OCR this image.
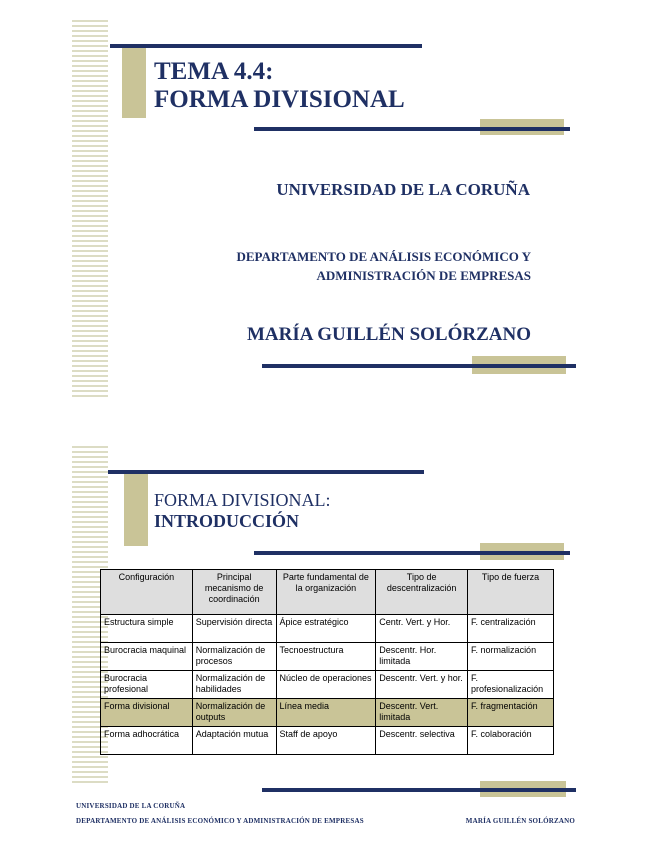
TEMA 4.4:
FORMA DIVISIONAL
UNIVERSIDAD DE LA CORUÑA
DEPARTAMENTO DE ANÁLISIS ECONÓMICO Y
ADMINISTRACIÓN DE EMPRESAS
MARÍA GUILLÉN SOLÓRZANO
FORMA DIVISIONAL:
INTRODUCCIÓN
Configuración	Principal mecanismo de coordinación	Parte fundamental de la organización	Tipo de descentralización	Tipo de fuerza
Estructura simple	Supervisión directa	Ápice estratégico	Centr. Vert. y Hor.	F. centralización
Burocracia maquinal	Normalización de procesos	Tecnoestructura	Descentr. Hor. limitada	F. normalización
Burocracia profesional	Normalización de habilidades	Núcleo de operaciones	Descentr. Vert. y hor.	F. profesionalización
Forma divisional	Normalización de outputs	Línea media	Descentr. Vert. limitada	F. fragmentación
Forma adhocrática	Adaptación mutua	Staff de apoyo	Descentr. selectiva	F. colaboración
UNIVERSIDAD DE LA CORUÑA
DEPARTAMENTO DE ANÁLISIS ECONÓMICO Y ADMINISTRACIÓN DE EMPRESAS	MARÍA GUILLÉN SOLÓRZANO
